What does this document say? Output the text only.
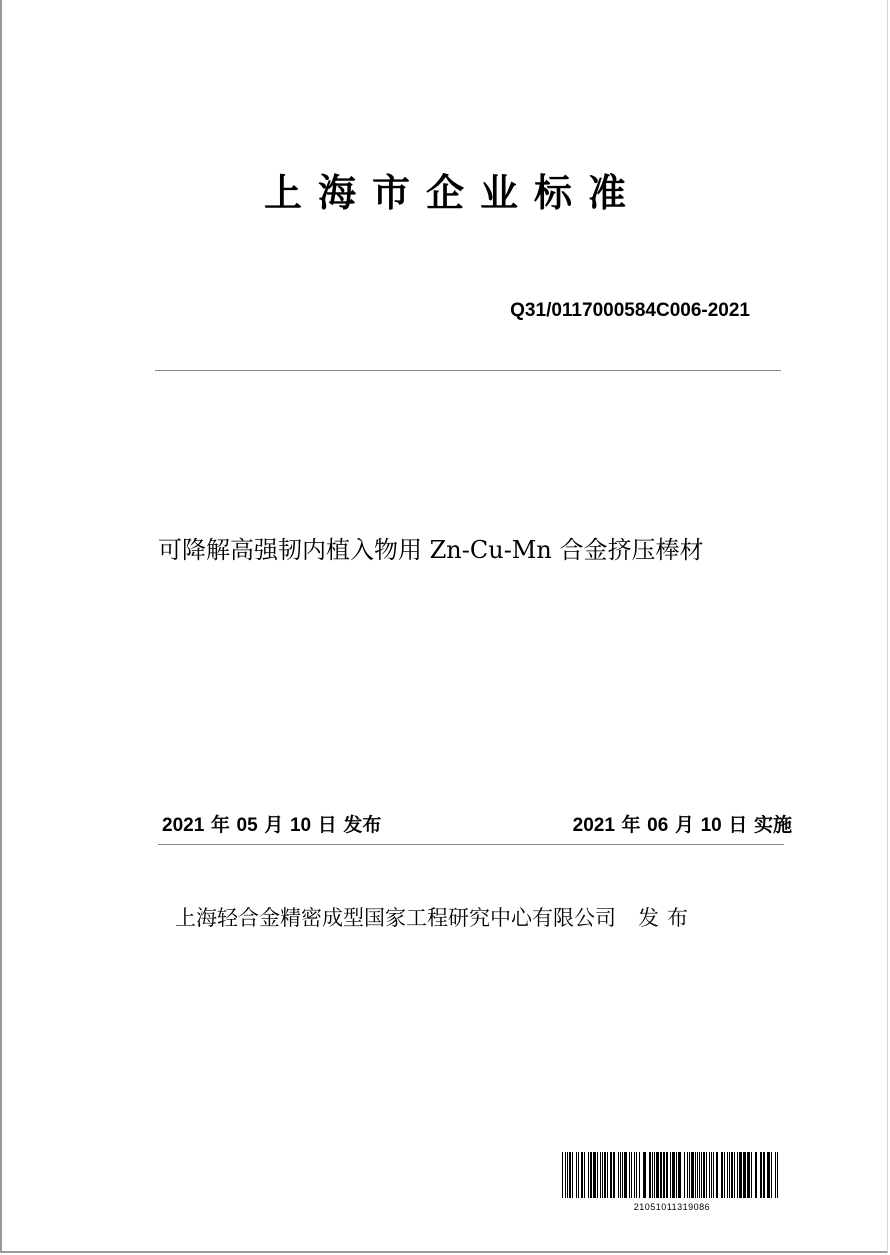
上海市企业标准
Q31/0117000584C006-2021
可降解高强韧内植入物用 Zn-Cu-Mn 合金挤压棒材
2021 年 05 月 10 日 发布	2021 年 06 月 10 日 实施
上海轻合金精密成型国家工程研究中心有限公司 发布
21051011319086
